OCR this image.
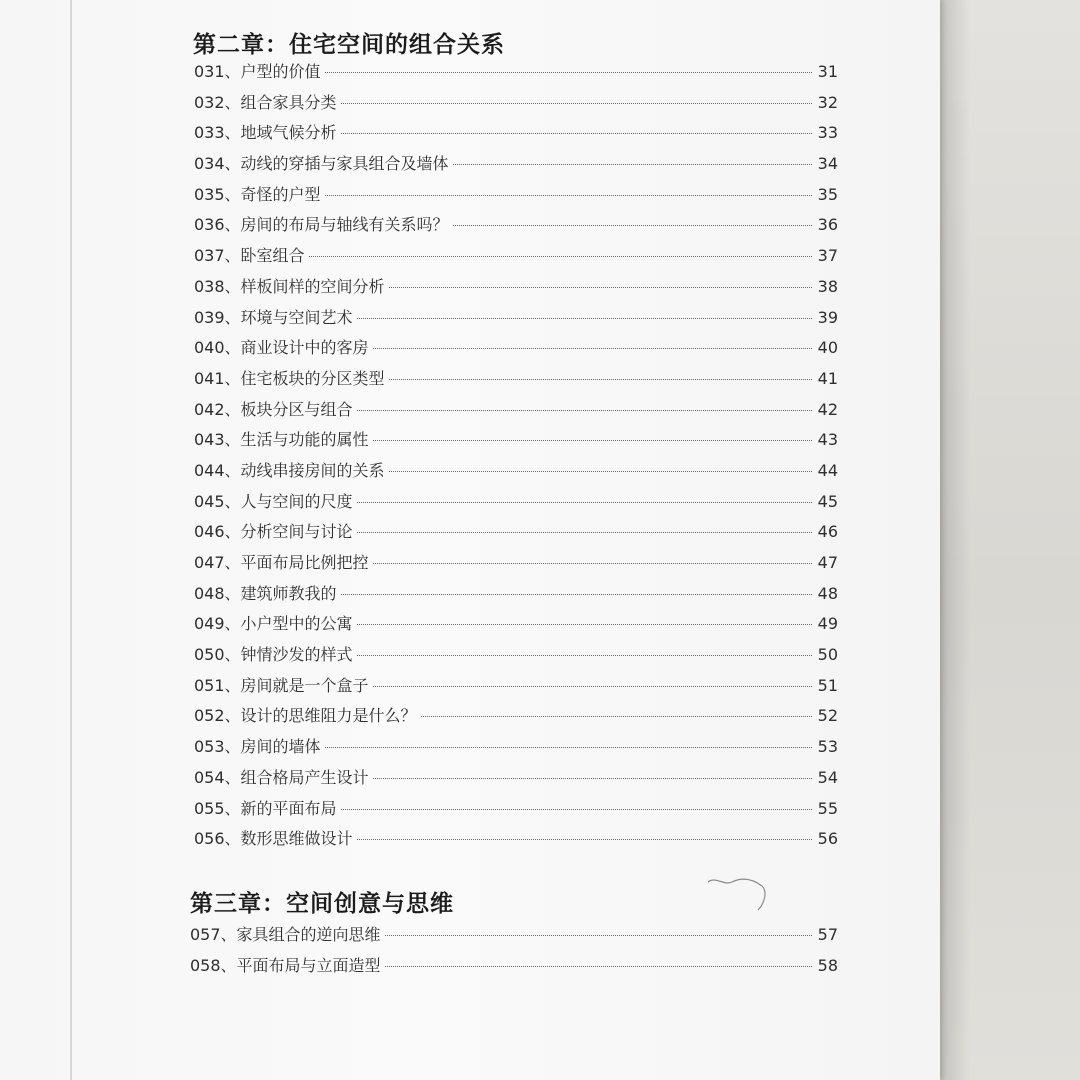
第二章：住宅空间的组合关系
031、户型的价值	31
032、组合家具分类	32
033、地域气候分析	33
034、动线的穿插与家具组合及墙体	34
035、奇怪的户型	35
036、房间的布局与轴线有关系吗？	36
037、卧室组合	37
038、样板间样的空间分析	38
039、环境与空间艺术	39
040、商业设计中的客房	40
041、住宅板块的分区类型	41
042、板块分区与组合	42
043、生活与功能的属性	43
044、动线串接房间的关系	44
045、人与空间的尺度	45
046、分析空间与讨论	46
047、平面布局比例把控	47
048、建筑师教我的	48
049、小户型中的公寓	49
050、钟情沙发的样式	50
051、房间就是一个盒子	51
052、设计的思维阻力是什么？	52
053、房间的墙体	53
054、组合格局产生设计	54
055、新的平面布局	55
056、数形思维做设计	56
第三章：空间创意与思维
057、家具组合的逆向思维	57
058、平面布局与立面造型	58
